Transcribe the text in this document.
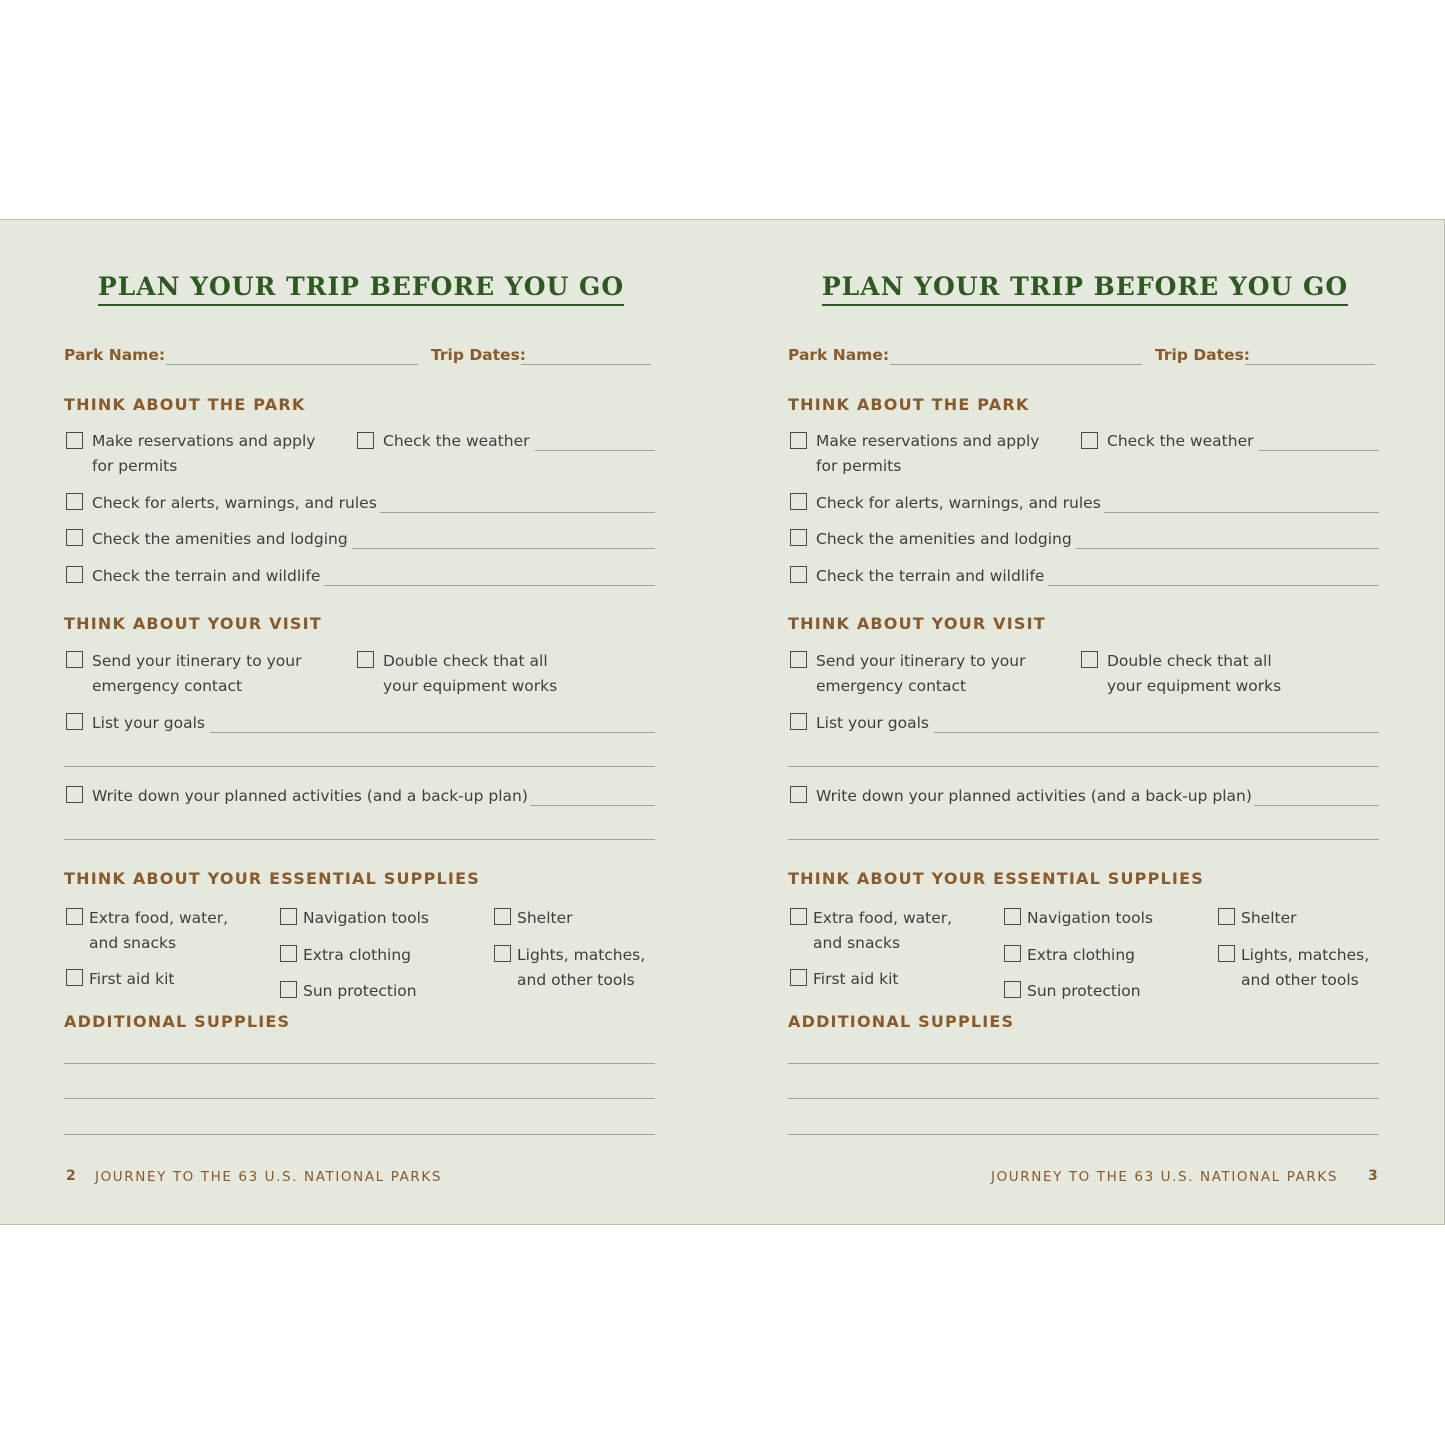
PLAN YOUR TRIP BEFORE YOU GO
Park Name:	Trip Dates:
THINK ABOUT THE PARK
Make reservations and apply
for permits
Check the weather
Check for alerts, warnings, and rules
Check the amenities and lodging
Check the terrain and wildlife
THINK ABOUT YOUR VISIT
Send your itinerary to your
emergency contact
Double check that all
your equipment works
List your goals
Write down your planned activities (and a back-up plan)
THINK ABOUT YOUR ESSENTIAL SUPPLIES
Extra food, water,
and snacks
First aid kit
Navigation tools
Extra clothing
Sun protection
Shelter
Lights, matches,
and other tools
ADDITIONAL SUPPLIES
2 JOURNEY TO THE 63 U.S. NATIONAL PARKS
PLAN YOUR TRIP BEFORE YOU GO
Park Name:	Trip Dates:
THINK ABOUT THE PARK
Make reservations and apply
for permits
Check the weather
Check for alerts, warnings, and rules
Check the amenities and lodging
Check the terrain and wildlife
THINK ABOUT YOUR VISIT
Send your itinerary to your
emergency contact
Double check that all
your equipment works
List your goals
Write down your planned activities (and a back-up plan)
THINK ABOUT YOUR ESSENTIAL SUPPLIES
Extra food, water,
and snacks
First aid kit
Navigation tools
Extra clothing
Sun protection
Shelter
Lights, matches,
and other tools
ADDITIONAL SUPPLIES
JOURNEY TO THE 63 U.S. NATIONAL PARKS 3
